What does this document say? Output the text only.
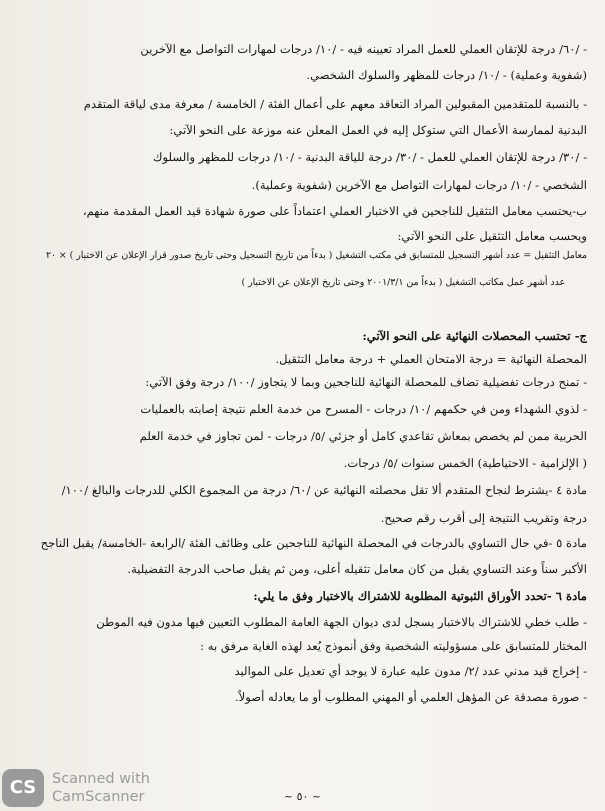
- /٦٠/ درجة للإتقان العملي للعمل المراد تعيينه فيه - /١٠/ درجات لمهارات التواصل مع الآخرين
(شفوية وعملية) - /١٠/ درجات للمظهر والسلوك الشخصي.
- بالنسبة للمتقدمين المقبولين المراد التعاقد معهم على أعمال الفئة / الخامسة / معرفة مدى لياقة المتقدم
البدنية لممارسة الأعمال التي ستوكل إليه في العمل المعلن عنه موزعة على النحو الآتي:
- /٣٠/ درجة للإتقان العملي للعمل - /٣٠/ درجة للياقة البدنية - /١٠/ درجات للمظهر والسلوك
الشخصي - /١٠/ درجات لمهارات التواصل مع الآخرين (شفوية وعملية).
ب-يحتسب معامل التثقيل للناجحين في الاختبار العملي اعتماداً على صورة شهادة قيد العمل المقدمة منهم،
ويحسب معامل التثقيل على النحو الآتي:
معامل التثقيل = عدد أشهر التسجيل للمتسابق في مكتب التشغيل ( بدءاً من تاريخ التسجيل وحتى تاريخ صدور قرار الإعلان عن الاختبار ) × ٢٠
عدد أشهر عمل مكاتب التشغيل ( بدءاً من ٢٠٠١/٣/١ وحتى تاريخ الإعلان عن الاختبار )
ج- تحتسب المحصلات النهائية على النحو الآتي:
المحصلة النهائية = درجة الامتحان العملي + درجة معامل التثقيل.
- تمنح درجات تفضيلية تضاف للمحصلة النهائية للناجحين وبما لا يتجاوز /١٠٠/ درجة وفق الآتي:
- لذوي الشهداء ومن في حكمهم /١٠/ درجات - المسرح من خدمة العلم نتيجة إصابته بالعمليات
الحربية ممن لم يخصص بمعاش تقاعدي كامل أو جزئي /٥/ درجات - لمن تجاوز في خدمة العلم
( الإلزامية - الاحتياطية) الخمس سنوات /٥/ درجات.
مادة ٤ -يشترط لنجاح المتقدم ألا تقل محصلته النهائية عن /٦٠/ درجة من المجموع الكلي للدرجات والبالغ /١٠٠/
درجة وتقريب النتيجة إلى أقرب رقم صحيح.
مادة ٥ -في حال التساوي بالدرجات في المحصلة النهائية للناجحين على وظائف الفئة /الرابعة -الخامسة/ يقبل الناجح
الأكبر سناً وعند التساوي يقبل من كان معامل تثقيله أعلى، ومن ثم يقبل صاحب الدرجة التفضيلية.
مادة ٦ -تحدد الأوراق الثبوتية المطلوبة للاشتراك بالاختبار وفق ما يلي:
- طلب خطي للاشتراك بالاختبار يسجل لدى ديوان الجهة العامة المطلوب التعيين فيها مدون فيه الموطن
المختار للمتسابق على مسؤوليته الشخصية وفق أنموذج يُعد لهذه الغاية مرفق به :
- إخراج قيد مدني عدد /٢/ مدون عليه عبارة لا يوجد أي تعديل على المواليد
- صورة مصدقة عن المؤهل العلمي أو المهني المطلوب أو ما يعادله أصولاً.
CS	Scanned with
CamScanner	~ ٥٠ ~
